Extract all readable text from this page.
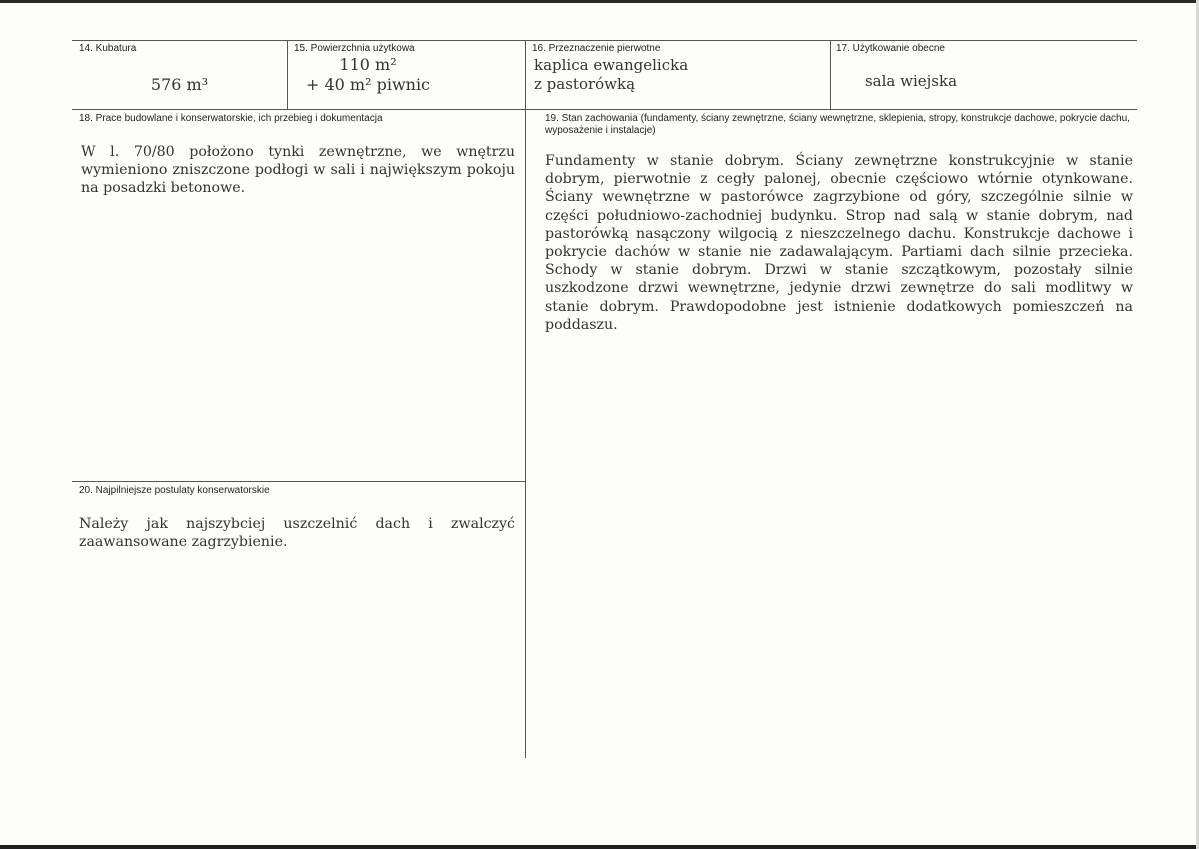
14. Kubatura
576 m³
15. Powierzchnia użytkowa
110 m²
+ 40 m² piwnic
16. Przeznaczenie pierwotne
kaplica ewangelicka
z pastorówką
17. Użytkowanie obecne
sala wiejska
18. Prace budowlane i konserwatorskie, ich przebieg i dokumentacja
W l. 70/80 położono tynki zewnętrzne, we wnętrzu wymieniono zniszczone podłogi w sali i największym pokoju na posadzki betonowe.
19. Stan zachowania (fundamenty, ściany zewnętrzne, ściany wewnętrzne, sklepienia, stropy, konstrukcje dachowe, pokrycie dachu, wyposażenie i instalacje)
Fundamenty w stanie dobrym. Ściany zewnętrzne konstrukcyjnie w stanie dobrym, pierwotnie z cegły palonej, obecnie częściowo wtórnie otynkowane. Ściany wewnętrzne w pastorówce zagrzybione od góry, szczególnie silnie w części południowo-zachodniej budynku. Strop nad salą w stanie dobrym, nad pastorówką nasączony wilgocią z nieszczelnego dachu. Konstrukcje dachowe i pokrycie dachów w stanie nie zadawalającym. Partiami dach silnie przecieka. Schody w stanie dobrym. Drzwi w stanie szczątkowym, pozostały silnie uszkodzone drzwi wewnętrzne, jedynie drzwi zewnętrze do sali modlitwy w stanie dobrym. Prawdopodobne jest istnienie dodatkowych pomieszczeń na poddaszu.
20. Najpilniejsze postulaty konserwatorskie
Należy jak najszybciej uszczelnić dach i zwalczyć zaawansowane zagrzybienie.
